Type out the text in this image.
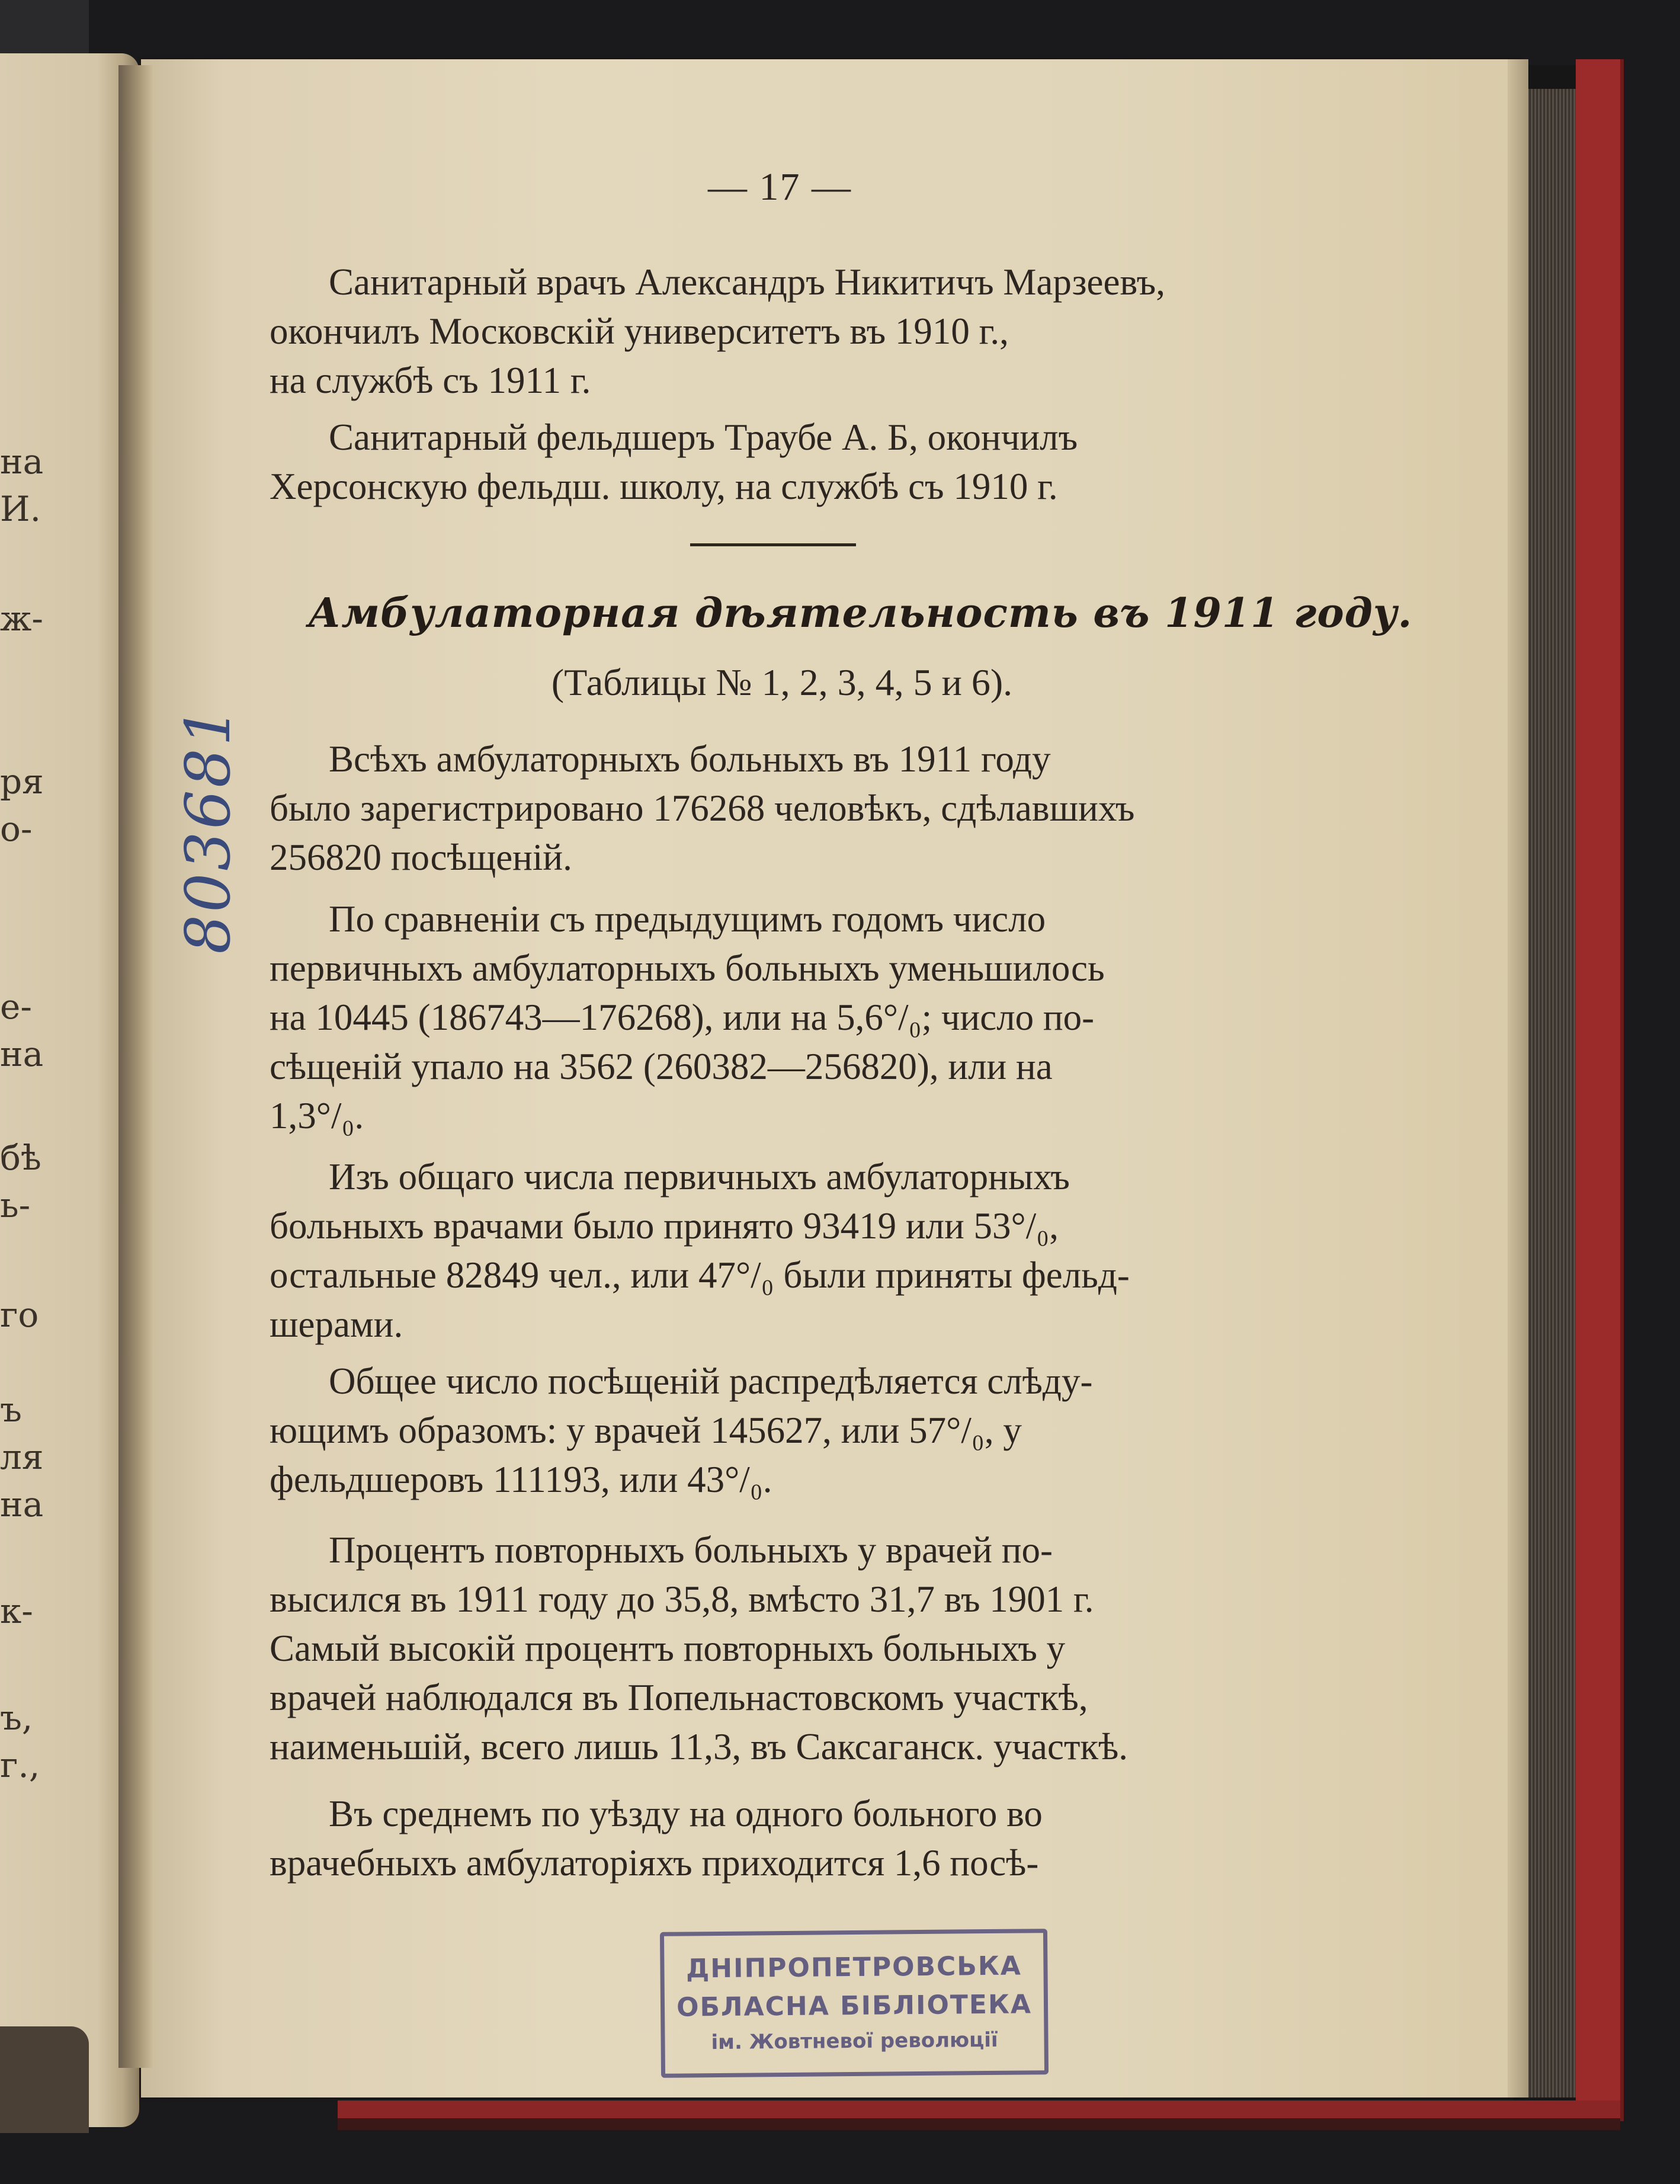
на
И.
ж-
ря
о-
е-
на
бѣ
ь-
го
ъ
ля
на
к-
ъ,
г.,
— 17 —
Санитарный врачъ Александръ Никитичъ Марзеевъ,
окончилъ Московскій университетъ въ 1910 г.,
на службѣ съ 1911 г.
Санитарный фельдшеръ Траубе А. Б, окончилъ
Херсонскую фельдш. школу, на службѣ съ 1910 г.
Амбулаторная дѣятельность въ 1911 году.
(Таблицы № 1, 2, 3, 4, 5 и 6).
Всѣхъ амбулаторныхъ больныхъ въ 1911 году
было зарегистрировано 176268 человѣкъ, сдѣлавшихъ
256820 посѣщеній.
По сравненіи съ предыдущимъ годомъ число
первичныхъ амбулаторныхъ больныхъ уменьшилось
на 10445 (186743—176268), или на 5,6°/₀; число по-
сѣщеній упало на 3562 (260382—256820), или на
1,3°/₀.
Изъ общаго числа первичныхъ амбулаторныхъ
больныхъ врачами было принято 93419 или 53°/₀,
остальные 82849 чел., или 47°/₀ были приняты фельд-
шерами.
Общее число посѣщеній распредѣляется слѣду-
ющимъ образомъ: у врачей 145627, или 57°/₀, у
фельдшеровъ 111193, или 43°/₀.
Процентъ повторныхъ больныхъ у врачей по-
высился въ 1911 году до 35,8, вмѣсто 31,7 въ 1901 г.
Самый высокій процентъ повторныхъ больныхъ у
врачей наблюдался въ Попельнастовскомъ участкѣ,
наименьшій, всего лишь 11,3, въ Саксаганск. участкѣ.
Въ среднемъ по уѣзду на одного больного во
врачебныхъ амбулаторіяхъ приходится 1,6 посѣ-
803681
ДНІПРОПЕТРОВСЬКА
ОБЛАСНА БІБЛІОТЕКА
ім. Жовтневої революції
